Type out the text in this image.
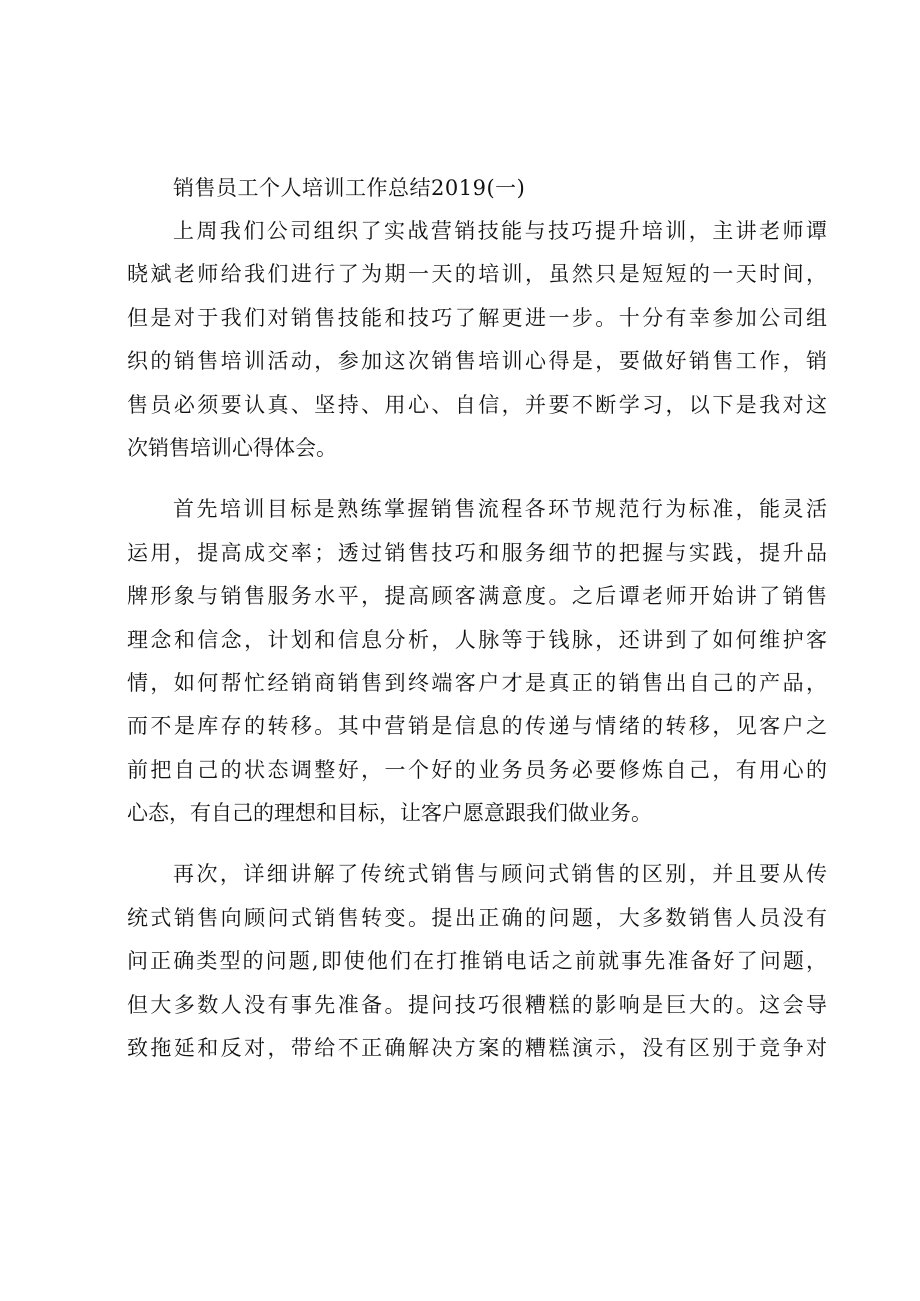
销售员工个人培训工作总结2019(一)
上周我们公司组织了实战营销技能与技巧提升培训，主讲老师谭
晓斌老师给我们进行了为期一天的培训，虽然只是短短的一天时间，
但是对于我们对销售技能和技巧了解更进一步。十分有幸参加公司组
织的销售培训活动，参加这次销售培训心得是，要做好销售工作，销
售员必须要认真、坚持、用心、自信，并要不断学习，以下是我对这
次销售培训心得体会。
首先培训目标是熟练掌握销售流程各环节规范行为标准，能灵活
运用，提高成交率；透过销售技巧和服务细节的把握与实践，提升品
牌形象与销售服务水平，提高顾客满意度。之后谭老师开始讲了销售
理念和信念，计划和信息分析，人脉等于钱脉，还讲到了如何维护客
情，如何帮忙经销商销售到终端客户才是真正的销售出自己的产品，
而不是库存的转移。其中营销是信息的传递与情绪的转移，见客户之
前把自己的状态调整好，一个好的业务员务必要修炼自己，有用心的
心态，有自己的理想和目标，让客户愿意跟我们做业务。
再次，详细讲解了传统式销售与顾问式销售的区别，并且要从传
统式销售向顾问式销售转变。提出正确的问题，大多数销售人员没有
问正确类型的问题,即使他们在打推销电话之前就事先准备好了问题，
但大多数人没有事先准备。提问技巧很糟糕的影响是巨大的。这会导
致拖延和反对，带给不正确解决方案的糟糕演示，没有区别于竞争对
